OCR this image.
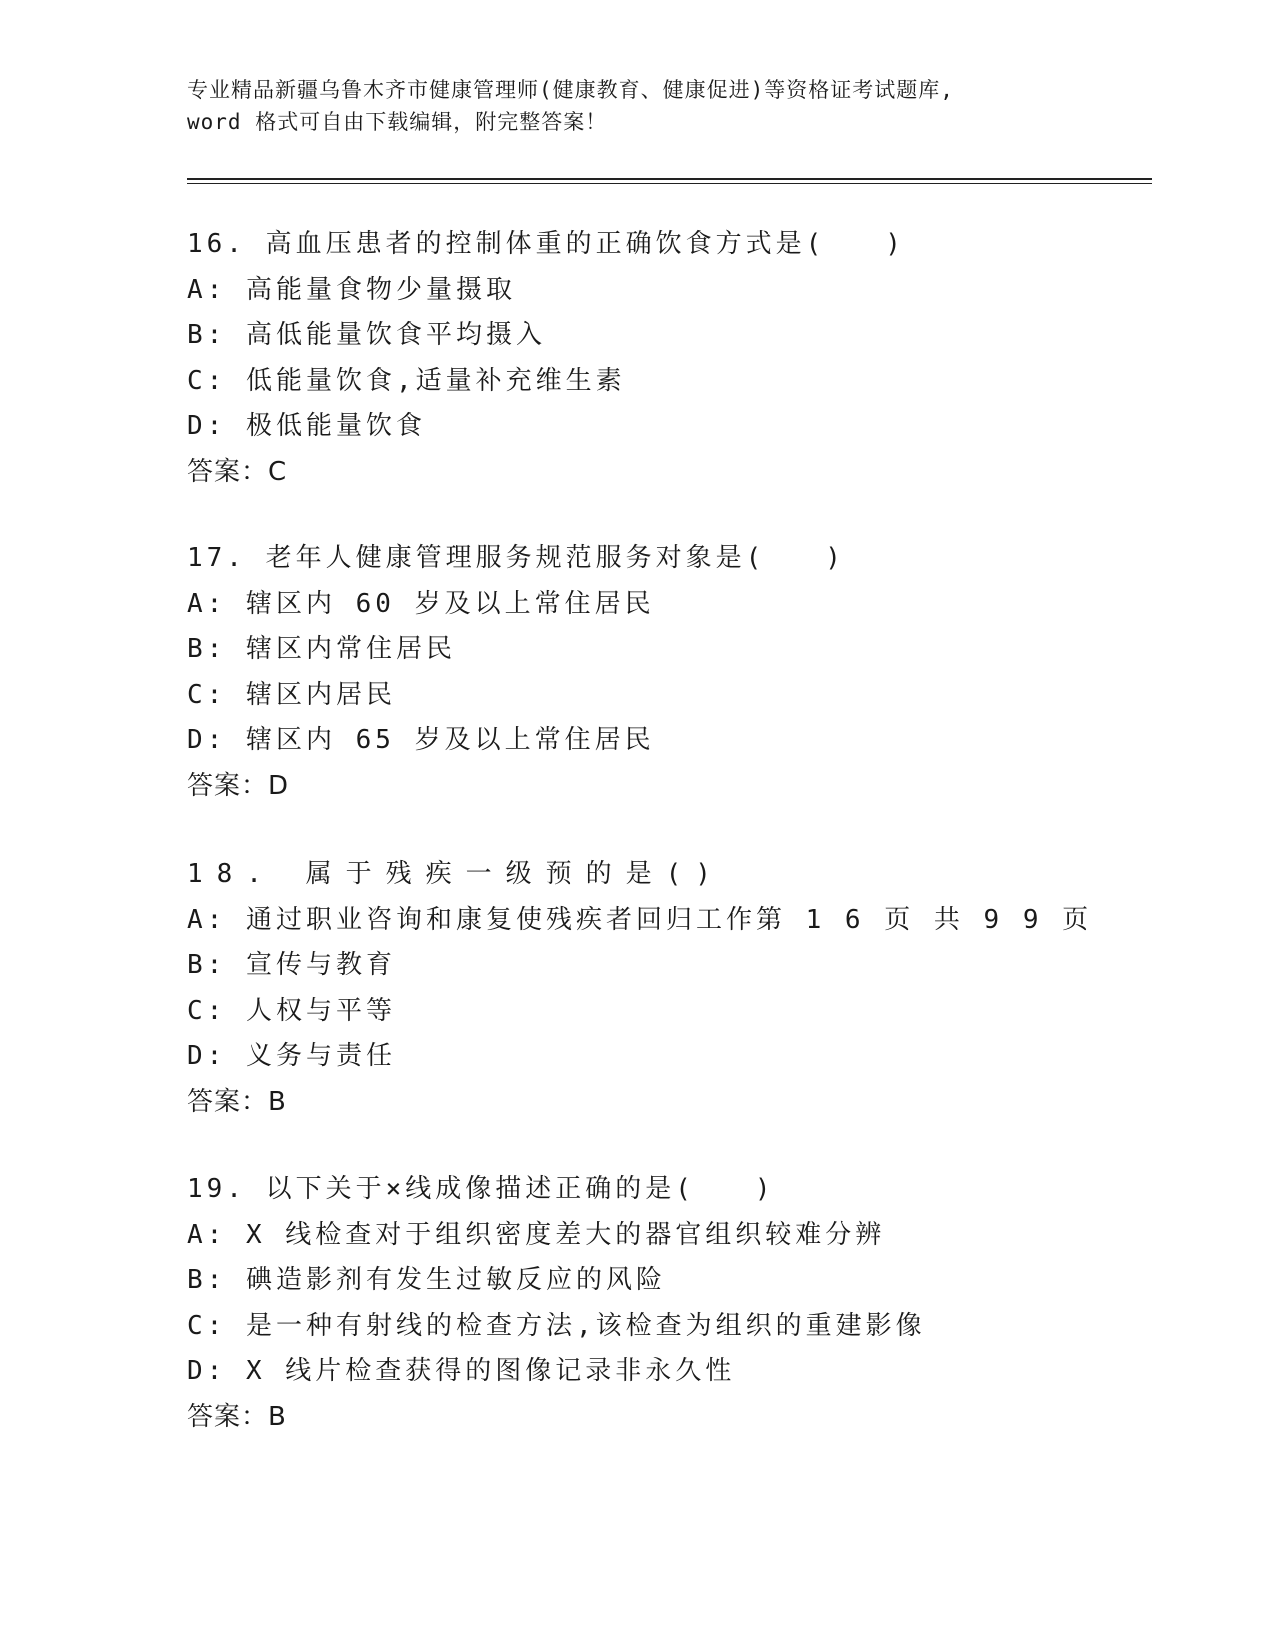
专业精品新疆乌鲁木齐市健康管理师(健康教育、健康促进)等资格证考试题库,
word 格式可自由下载编辑，附完整答案！
16. 高血压患者的控制体重的正确饮食方式是(　　)
A: 高能量食物少量摄取
B: 高低能量饮食平均摄入
C: 低能量饮食,适量补充维生素
D: 极低能量饮食
答案：C
17. 老年人健康管理服务规范服务对象是(　　)
A: 辖区内 60 岁及以上常住居民
B: 辖区内常住居民
C: 辖区内居民
D: 辖区内 65 岁及以上常住居民
答案：D
18. 属于残疾一级预的是()
A: 通过职业咨询和康复使残疾者回归工作第 1 6 页 共 9 9 页
B: 宣传与教育
C: 人权与平等
D: 义务与责任
答案：B
19. 以下关于×线成像描述正确的是(　　)
A: X 线检查对于组织密度差大的器官组织较难分辨
B: 碘造影剂有发生过敏反应的风险
C: 是一种有射线的检查方法,该检查为组织的重建影像
D: X 线片检查获得的图像记录非永久性
答案：B
